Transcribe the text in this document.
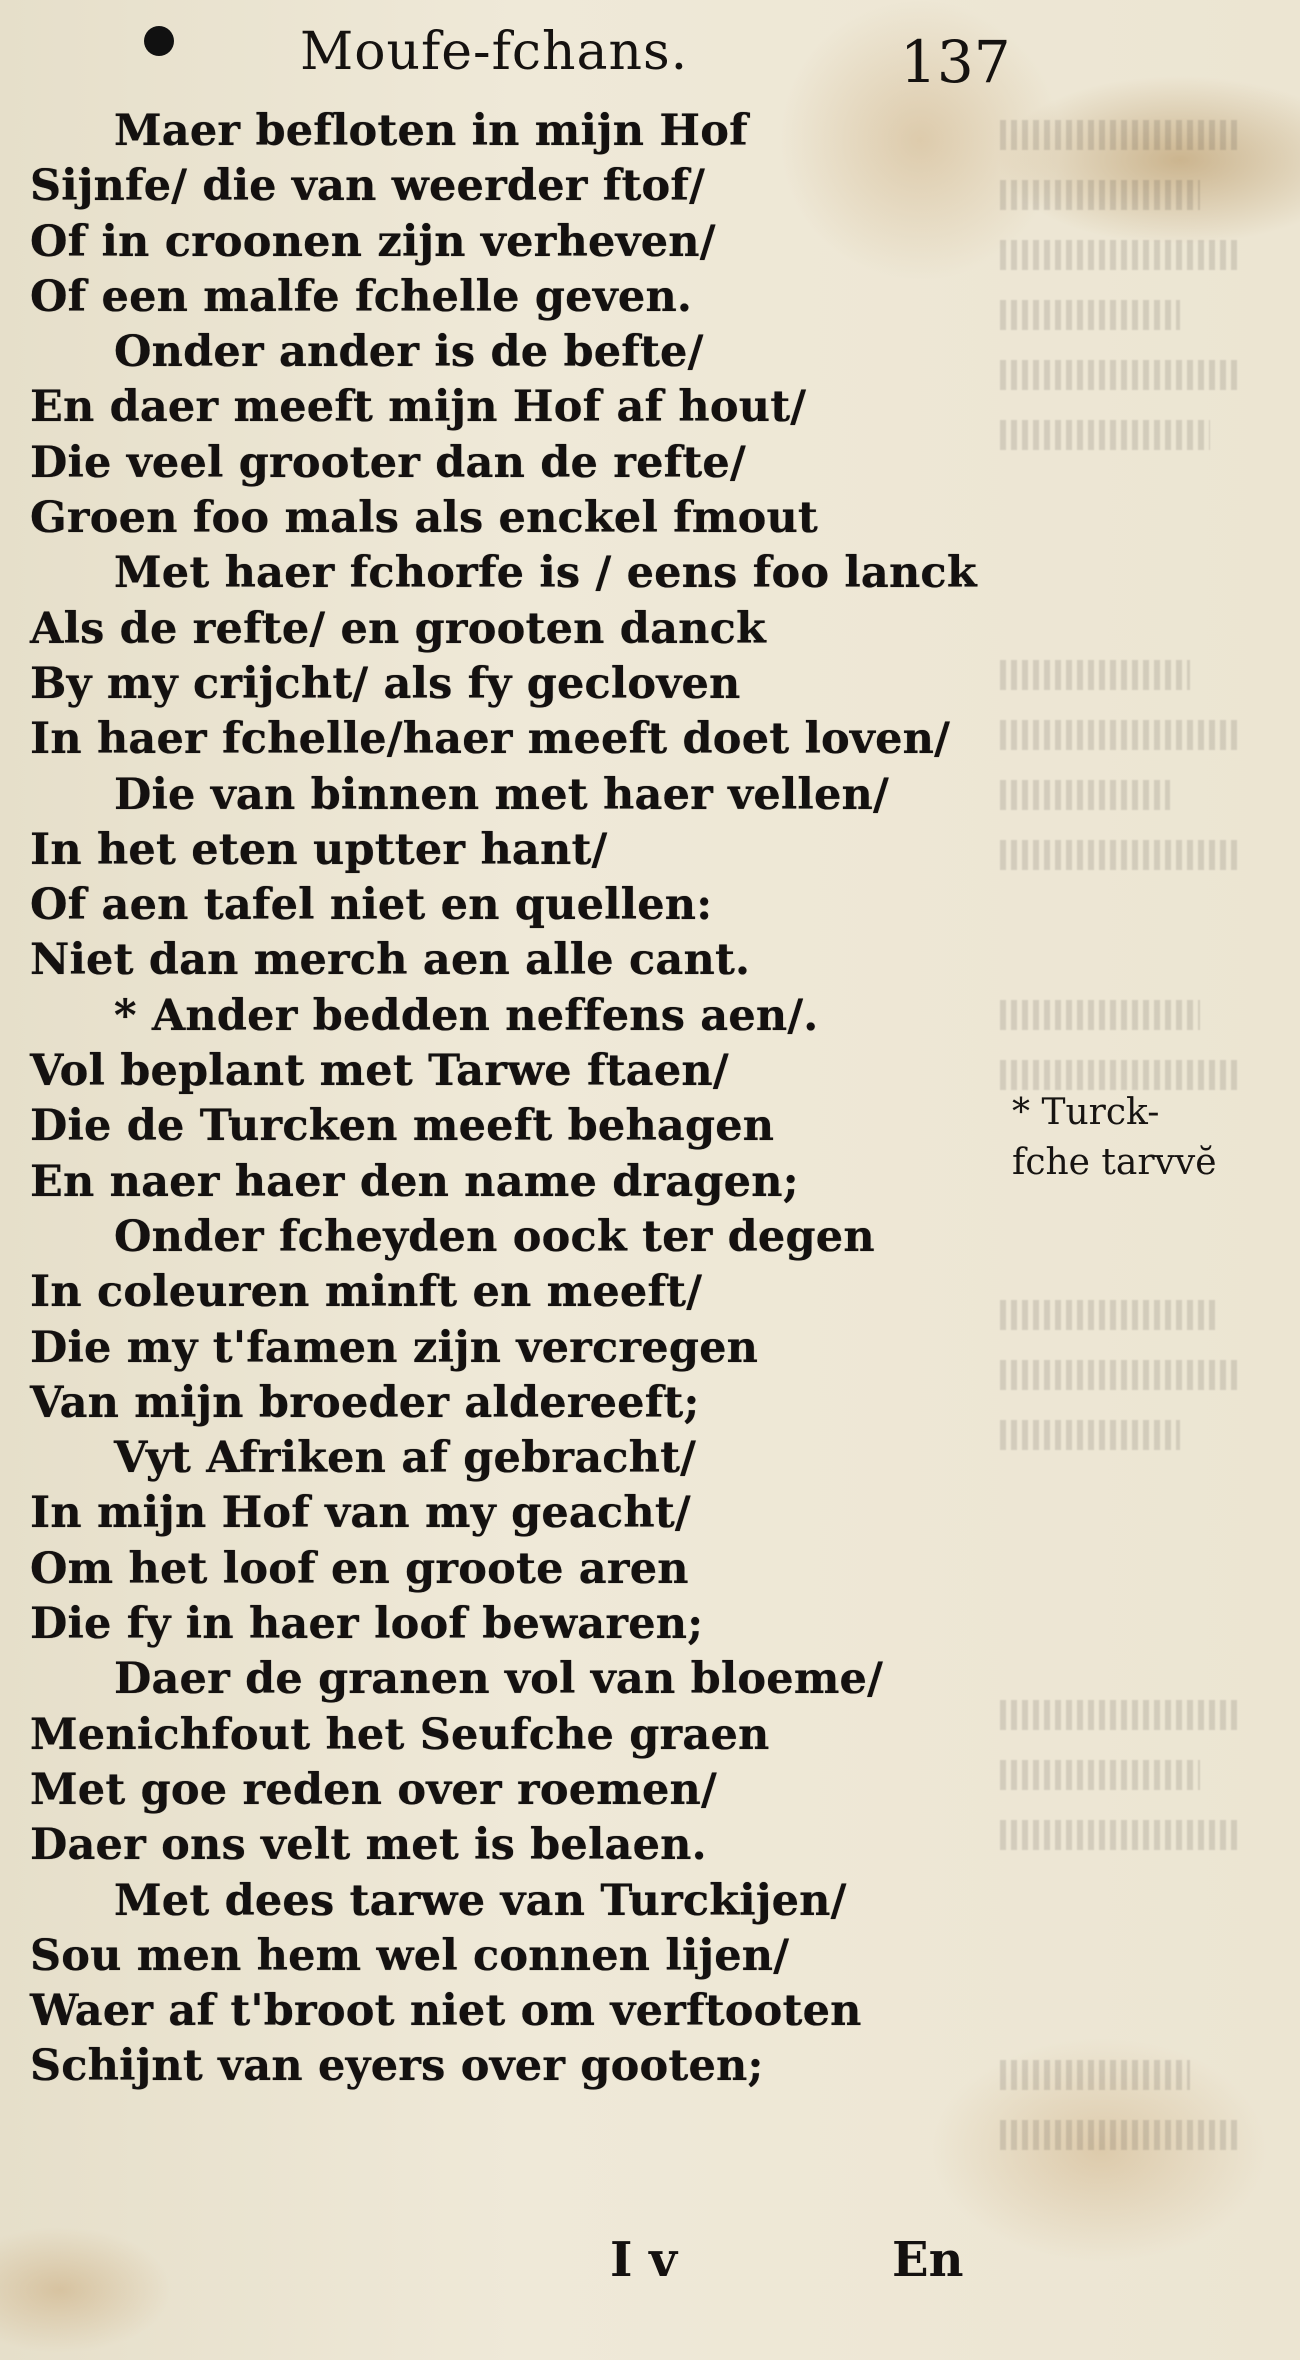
Moufe-fchans.	137
Maer befloten in mijn Hof
Sijnfe/ die van weerder ftof/
Of in croonen zijn verheven/
Of een malfe fchelle geven.
Onder ander is de befte/
En daer meeft mijn Hof af hout/
Die veel grooter dan de refte/
Groen foo mals als enckel fmout
Met haer fchorfe is / eens foo lanck
Als de refte/ en grooten danck
By my crijcht/ als fy gecloven
In haer fchelle/haer meeft doet loven/
Die van binnen met haer vellen/
In het eten uptter hant/
Of aen tafel niet en quellen:
Niet dan merch aen alle cant.
* Ander bedden neffens aen/.
Vol beplant met Tarwe ftaen/
Die de Turcken meeft behagen
En naer haer den name dragen;
Onder fcheyden oock ter degen
In coleuren minft en meeft/
Die my t'famen zijn vercregen
Van mijn broeder aldereeft;
Vyt Afriken af gebracht/
In mijn Hof van my geacht/
Om het loof en groote aren
Die fy in haer loof bewaren;
Daer de granen vol van bloeme/
Menichfout het Seufche graen
Met goe reden over roemen/
Daer ons velt met is belaen.
Met dees tarwe van Turckijen/
Sou men hem wel connen lijen/
Waer af t'broot niet om verftooten
Schijnt van eyers over gooten;
* Turck-
fche tarvvĕ
I v	En
